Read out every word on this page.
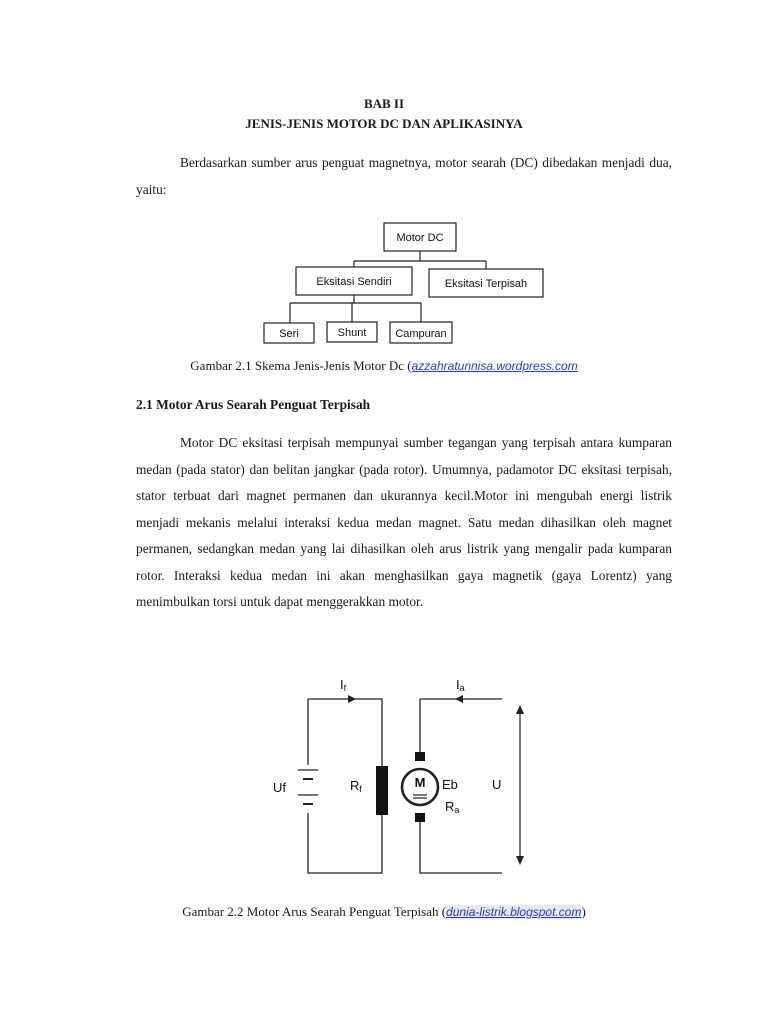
BAB II
JENIS-JENIS MOTOR DC DAN APLIKASINYA

Berdasarkan sumber arus penguat magnetnya, motor searah (DC) dibedakan menjadi dua, yaitu:

Motor DC
Eksitasi Sendiri	Eksitasi Terpisah
Seri	Shunt	Campuran
Gambar 2.1 Skema Jenis-Jenis Motor Dc (azzahratunnisa.wordpress.com
2.1 Motor Arus Searah Penguat Terpisah

Motor DC eksitasi terpisah mempunyai sumber tegangan yang terpisah antara kumparan medan (pada stator) dan belitan jangkar (pada rotor). Umumnya, padamotor DC eksitasi terpisah, stator terbuat dari magnet permanen dan ukurannya kecil.Motor ini mengubah energi listrik menjadi mekanis melalui interaksi kedua medan magnet. Satu medan dihasilkan oleh magnet permanen, sedangkan medan yang lai dihasilkan oleh arus listrik yang mengalir pada kumparan rotor. Interaksi kedua medan ini akan menghasilkan gaya magnetik (gaya Lorentz) yang menimbulkan torsi untuk dapat menggerakkan motor.

If	Ia
Uf	Rf	M Eb
Ra
U
Gambar 2.2 Motor Arus Searah Penguat Terpisah (dunia-listrik.blogspot.com)
